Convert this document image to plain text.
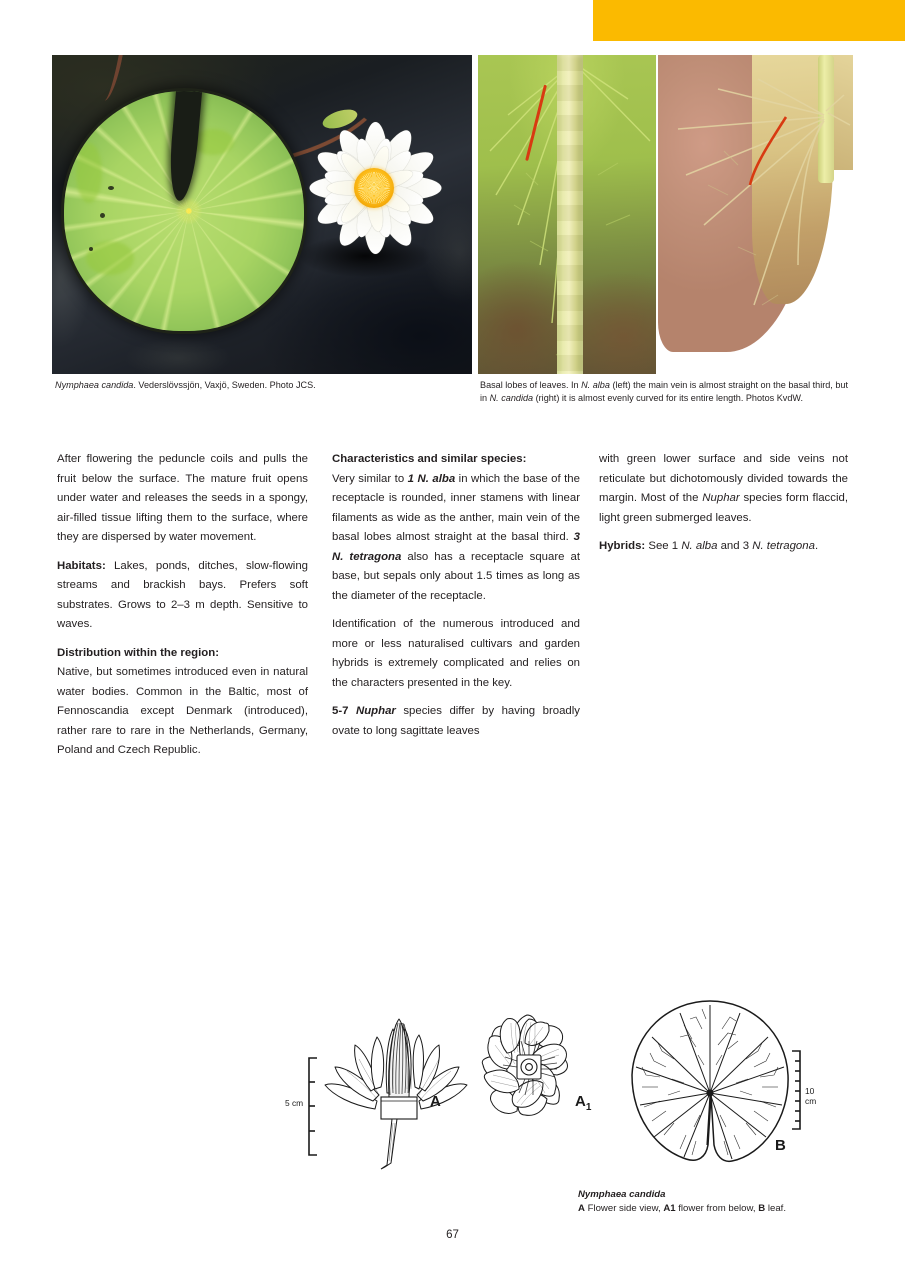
Nymphaea candida. Vederslövssjön, Vaxjö, Sweden. Photo JCS.	Basal lobes of leaves. In N. alba (left) the main vein is almost straight on the basal third, but in N. candida (right) it is almost evenly curved for its entire length. Photos KvdW.

After flowering the peduncle coils and pulls the fruit below the surface. The mature fruit opens under water and releases the seeds in a spongy, air-filled tissue lifting them to the surface, where they are dispersed by water movement.

Habitats: Lakes, ponds, ditches, slow-flowing streams and brackish bays. Prefers soft substrates. Grows to 2–3 m depth. Sensitive to waves.

Distribution within the region:

Native, but sometimes introduced even in natural water bodies. Common in the Baltic, most of Fennoscandia except Denmark (introduced), rather rare to rare in the Netherlands, Germany, Poland and Czech Republic.

Characteristics and similar species:

Very similar to 1 N. alba in which the base of the receptacle is rounded, inner stamens with linear filaments as wide as the anther, main vein of the basal lobes almost straight at the basal third. 3 N. tetragona also has a receptacle square at base, but sepals only about 1.5 times as long as the diameter of the receptacle.

Identification of the numerous introduced and more or less naturalised cultivars and garden hybrids is extremely complicated and relies on the characters presented in the key.

5-7 Nuphar species differ by having broadly ovate to long sagittate leaves

with green lower surface and side veins not reticulate but dichotomously divided towards the margin. Most of the Nuphar species form flaccid, light green submerged leaves.

Hybrids: See 1 N. alba and 3 N. tetragona.

5 cm	A	$A_1$
B
10 cm
Nymphaea candida
A Flower side view, A1 flower from below, B leaf.
67
